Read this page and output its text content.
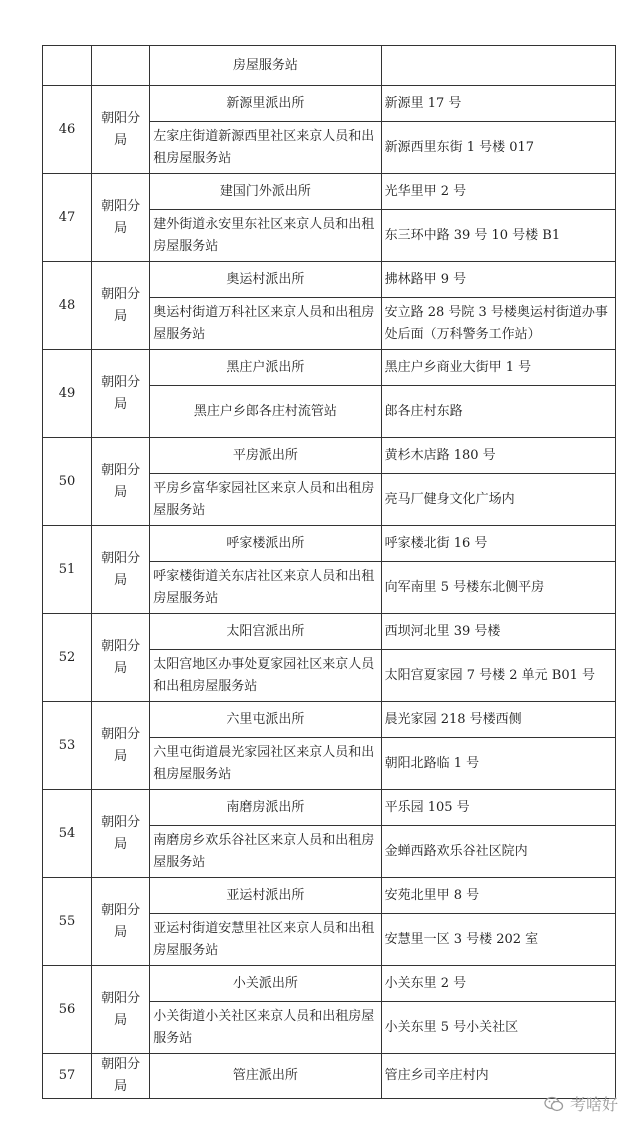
		房屋服务站	
46	朝阳分局	新源里派出所	新源里 17 号
		左家庄街道新源西里社区来京人员和出租房屋服务站	新源西里东街 1 号楼 017
47	朝阳分局	建国门外派出所	光华里甲 2 号
		建外街道永安里东社区来京人员和出租房屋服务站	东三环中路 39 号 10 号楼 B1
48	朝阳分局	奥运村派出所	拂林路甲 9 号
		奥运村街道万科社区来京人员和出租房屋服务站	安立路 28 号院 3 号楼奥运村街道办事处后面（万科警务工作站）
49	朝阳分局	黑庄户派出所	黑庄户乡商业大街甲 1 号
		黑庄户乡郎各庄村流管站	郎各庄村东路
50	朝阳分局	平房派出所	黄杉木店路 180 号
		平房乡富华家园社区来京人员和出租房屋服务站	亮马厂健身文化广场内
51	朝阳分局	呼家楼派出所	呼家楼北街 16 号
		呼家楼街道关东店社区来京人员和出租房屋服务站	向军南里 5 号楼东北侧平房
52	朝阳分局	太阳宫派出所	西坝河北里 39 号楼
		太阳宫地区办事处夏家园社区来京人员和出租房屋服务站	太阳宫夏家园 7 号楼 2 单元 B01 号
53	朝阳分局	六里屯派出所	晨光家园 218 号楼西侧
		六里屯街道晨光家园社区来京人员和出租房屋服务站	朝阳北路临 1 号
54	朝阳分局	南磨房派出所	平乐园 105 号
		南磨房乡欢乐谷社区来京人员和出租房屋服务站	金蝉西路欢乐谷社区院内
55	朝阳分局	亚运村派出所	安苑北里甲 8 号
		亚运村街道安慧里社区来京人员和出租房屋服务站	安慧里一区 3 号楼 202 室
56	朝阳分局	小关派出所	小关东里 2 号
		小关街道小关社区来京人员和出租房屋服务站	小关东里 5 号小关社区
57	朝阳分局	管庄派出所	管庄乡司辛庄村内
考啥好
